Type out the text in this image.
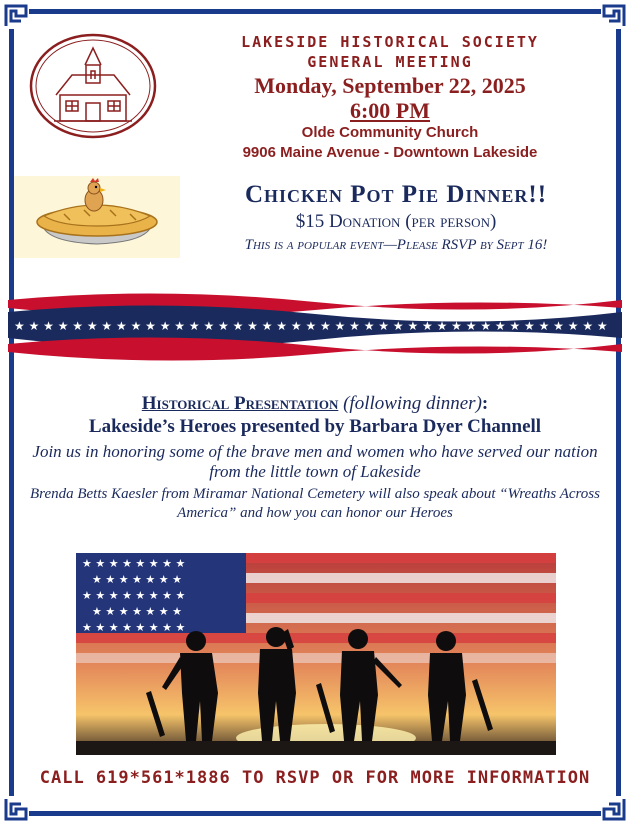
LAKESIDE HISTORICAL SOCIETY
GENERAL MEETING
Monday, September 22, 2025
6:00 PM
Olde Community Church
9906 Maine Avenue - Downtown Lakeside
Chicken Pot Pie Dinner!!
$15 Donation (per person)
This is a popular event—Please RSVP by Sept 16!
★ ★ ★ ★ ★ ★ ★ ★ ★ ★ ★ ★ ★ ★ ★ ★ ★ ★ ★ ★ ★ ★ ★ ★ ★ ★ ★ ★ ★ ★ ★ ★ ★ ★ ★ ★ ★ ★ ★ ★ ★
Historical Presentation (following dinner):
Lakeside’s Heroes presented by Barbara Dyer Channell
Join us in honoring some of the brave men and women who have served our nation from the little town of Lakeside
Brenda Betts Kaesler from Miramar National Cemetery will also speak about “Wreaths Across America” and how you can honor our Heroes
★ ★ ★ ★ ★ ★ ★ ★
★ ★ ★ ★ ★ ★ ★
★ ★ ★ ★ ★ ★ ★ ★
★ ★ ★ ★ ★ ★ ★
★ ★ ★ ★ ★ ★ ★ ★
CALL 619*561*1886 TO RSVP OR FOR MORE INFORMATION
